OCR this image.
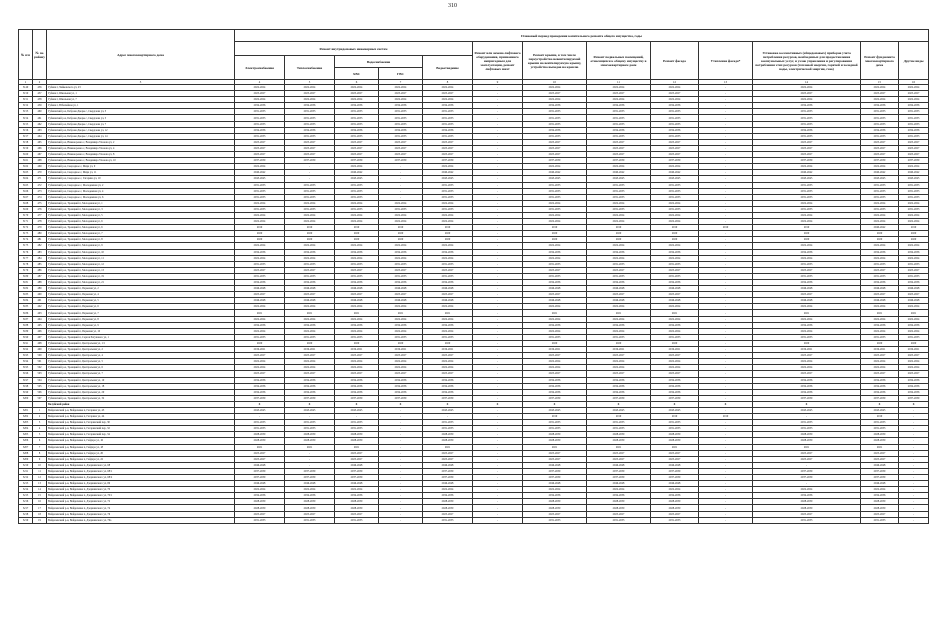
310
№ п/п	№ по району	Адрес многоквартирного дома	Плановый период проведения капитального ремонта общего имущества, годы												
			Ремонт внутридомовых инженерных систем					Ремонт или замена лифтового оборудования, признанного непригодным для эксплуатации, ремонт лифтовых шахт	Ремонт крыши, в том числе переустройство невентилируемой крыши на вентилируемую крышу, устройство выходов на кровлю	Ремонт подвальных помещений, относящихся к общему имуществу в многоквартирном доме	Ремонт фасада	Утепление фасада*	Установка коллективных (общедомовых) приборов учета потребления ресурсов, необходимых для предоставления коммунальных услуг, и узлов управления и регулирования потребления этих ресурсов (тепловой энергии, горячей и холодной воды, электрической энергии, газа)	Ремонт фундамента многоквартирного дома	Другие виды
			Электроснабжение	Теплоснабжение	Водоснабжение		Водоотведение								
					ХВС	ГВС									
1	2	3	4	5	6	7	8	9	10	11	12	13	14	15	16
3149	456	Губкин г, Чайковского ул, 23	2022-2024	2022-2024	2022-2024	2022-2024	2022-2024	-	2022-2024	2022-2024	2022-2024	-	2022-2024	2022-2024	2022-2024
3150	457	Губкин г, Школьная ул, 1	2025-2027	2025-2027	2025-2027	2025-2027	2025-2027	-	2025-2027	2025-2027	2025-2027	-	2025-2027	2025-2027	2025-2027
3151	458	Губкин г, Школьная ул, 7	2022-2024	2022-2024	2022-2024	2022-2024	2022-2024	-	2022-2024	2022-2024	2022-2024	-	2022-2024	2022-2024	2022-2024
3152	459	Губкин г, Юбилейная ул, 1	2034-2036	2034-2036	2034-2036	2034-2036	2034-2036	-	2034-2036	2034-2036	2034-2036	-	2034-2036	2034-2036	2034-2036
3153	460	Губкинский р-н, Боброва Дворы с, Свердлова ул, 3	2031-2033	2031-2033	2031-2033	2031-2033	2031-2033	-	2031-2033	2031-2033	2031-2033	-	2031-2033	2031-2033	2031-2033
3154	461	Губкинский р-н, Боброва Дворы с, Свердлова ул, 5	2031-2033	2031-2033	2031-2033	2031-2033	2031-2033	-	2031-2033	2031-2033	2031-2033	-	2031-2033	2031-2033	2031-2033
3155	462	Губкинский р-н, Боброва Дворы с, Свердлова ул, 7	2031-2033	2031-2033	2031-2033	2031-2033	2031-2033	-	2031-2033	2031-2033	2031-2033	-	2031-2033	2031-2033	2031-2033
3156	463	Губкинский р-н, Боброва Дворы с, Свердлова ул, 12	2034-2036	2034-2036	2034-2036	2034-2036	2034-2036	-	2034-2036	2034-2036	2034-2036	-	2034-2036	2034-2036	2034-2036
3157	464	Губкинский р-н, Боброва Дворы с, Свердлова ул, 14	2031-2033	2031-2033	2031-2033	2031-2033	2031-2033	-	2031-2033	2031-2033	2031-2033	-	2031-2033	2031-2033	2031-2033
3158	465	Губкинский р-н, Никаноровка с, Владимира Ухолова ул, 2	2025-2027	2025-2027	2025-2027	2025-2027	2025-2027	-	2025-2027	2025-2027	2025-2027	-	2025-2027	2025-2027	2025-2027
3159	466	Губкинский р-н, Никаноровка с, Владимира Ухолова ул, 4	2025-2027	2025-2027	2025-2027	2025-2027	2025-2027	-	2025-2027	2025-2027	2025-2027	-	2025-2027	2025-2027	2025-2027
3160	467	Губкинский р-н, Никаноровка с, Владимира Ухолова ул, 8	2025-2027	2025-2027	2025-2027	2025-2027	2025-2027	-	2025-2027	2025-2027	2025-2027	-	2025-2027	2025-2027	2025-2027
3161	468	Губкинский р-н, Никаноровка с, Владимира Ухолова ул, 10	2037-2039	2037-2039	2037-2039	2037-2039	2037-2039	-	2037-2039	2037-2039	2037-2039	-	2037-2039	2037-2039	2037-2039
3162	469	Губкинский р-н, Скородное с, Мира ул, 9	2022-2024	-	2022-2024	-	2022-2024	-	2022-2024	2022-2024	2022-2024	-	2022-2024	2022-2024	2022-2024
3163	470	Губкинский р-н, Скородное с, Мира ул, 11	2040-2042	-	2040-2042	-	2040-2042	-	2040-2042	2040-2042	2040-2042	-	2040-2042	2040-2042	2040-2042
3164	471	Губкинский р-н, Скородное с, Гагарина ул, 10	2043-2045	-	2043-2045	-	2043-2045	-	2043-2045	2043-2045	2043-2045	-	2043-2045	2043-2045	2043-2045
3165	472	Губкинский р-н, Скородное с, Молодежная ул, 2	2031-2033	2031-2033	2031-2033	-	2031-2033	-	2031-2033	2031-2033	2031-2033	-	2031-2033	2031-2033	2031-2033
3166	473	Губкинский р-н, Скородное с, Молодежная ул, 4	2031-2033	2031-2033	2031-2033	-	2031-2033	-	2031-2033	2031-2033	2031-2033	-	2031-2033	2031-2033	2031-2033
3167	474	Губкинский р-н, Скородное с, Молодежная ул, 6	2031-2033	2031-2033	2031-2033	-	2031-2033	-	2031-2033	2031-2033	2031-2033	-	2031-2033	2031-2033	2031-2033
3168	475	Губкинский р-н, Троицкий п, Молодежная ул, 1	2022-2024	2022-2024	2022-2024	2022-2024	2022-2024	-	2022-2024	2022-2024	2022-2024	-	2022-2024	2022-2024	2022-2024
3169	476	Губкинский р-н, Троицкий п, Молодежная ул, 3	2031-2033	2031-2033	2031-2033	2031-2033	2031-2033	-	2031-2033	2031-2033	2031-2033	-	2031-2033	2031-2033	2031-2033
3170	477	Губкинский р-н, Троицкий п, Молодежная ул, 5	2022-2024	2022-2024	2022-2024	2022-2024	2022-2024	-	2022-2024	2022-2024	2022-2024	-	2022-2024	2022-2024	2022-2024
3171	478	Губкинский р-н, Троицкий п, Молодежная ул, 6	2022-2024	2022-2024	2022-2024	2022-2024	2022-2024	-	2022-2024	2022-2024	2022-2024	-	2022-2024	2022-2024	2022-2024
3172	479	Губкинский р-н, Троицкий п, Молодежная ул, 6	2019	2019	2019	2019	2019	-	2019	2019	2019	2019	2019	2040-2042	2019
3173	480	Губкинский р-н, Троицкий п, Молодежная ул, 7	2020	2020	2020	2020	2020	-	2020	2020	2020	-	2020	2020	2020
3174	481	Губкинский р-н, Троицкий п, Молодежная ул, 8	2020	2020	2020	2020	2020	-	2020	2020	2020	-	2020	2020	2020
3175	482	Губкинский р-н, Троицкий п, Молодежная ул, 9	2022-2024	2022-2024	2022-2024	2022-2024	2022-2024	-	2022-2024	2022-2024	2022-2024	-	2022-2024	2022-2024	2022-2024
3176	483	Губкинский р-н, Троицкий п, Молодежная ул, 10	2034-2036	2034-2036	2034-2036	2034-2036	2034-2036	-	2034-2036	2034-2036	2034-2036	-	2034-2036	2034-2036	2034-2036
3177	484	Губкинский р-н, Троицкий п, Молодежная ул, 11	2022-2024	2022-2024	2022-2024	2022-2024	2022-2024	-	2022-2024	2022-2024	2022-2024	-	2022-2024	2022-2024	2022-2024
3178	485	Губкинский р-н, Троицкий п, Молодежная ул, 12	2031-2033	2031-2033	2031-2033	2031-2033	2031-2033	-	2031-2033	2031-2033	2031-2033	-	2031-2033	2031-2033	2031-2033
3179	486	Губкинский р-н, Троицкий п, Молодежная ул, 13	2025-2027	2025-2027	2025-2027	2025-2027	2025-2027	-	2025-2027	2025-2027	2025-2027	-	2025-2027	2025-2027	2025-2027
3180	487	Губкинский р-н, Троицкий п, Молодежная ул, 19	2031-2033	2031-2033	2031-2033	2031-2033	2031-2033	-	2031-2033	2031-2033	2031-2033	-	2031-2033	2031-2033	2031-2033
3181	488	Губкинский р-н, Троицкий п, Молодежная ул, 21	2034-2036	2034-2036	2034-2036	2034-2036	2034-2036	-	2034-2036	2034-2036	2034-2036	-	2034-2036	2034-2036	2034-2036
3182	489	Губкинский р-н, Троицкий п, Парковая ул, 2	2046-2048	2046-2048	2046-2048	2046-2048	2046-2048	-	2046-2048	2046-2048	2046-2048	-	2046-2048	2046-2048	2046-2048
3183	490	Губкинский р-н, Троицкий п, Парковая ул, 4	2025-2027	2025-2027	2025-2027	2025-2027	2025-2027	-	2025-2027	2025-2027	2025-2027	-	2025-2027	2025-2027	2025-2027
3184	491	Губкинский р-н, Троицкий п, Парковая ул, 5	2046-2048	2046-2048	2046-2048	2046-2048	2046-2048	-	2046-2048	2046-2048	2046-2048	-	2046-2048	2046-2048	2046-2048
3185	492	Губкинский р-н, Троицкий п, Парковая ул, 6	2022-2024	2022-2024	2022-2024	2022-2024	2022-2024	-	2022-2024	2022-2024	2022-2024	-	2022-2024	2022-2024	2022-2024
3186	493	Губкинский р-н, Троицкий п, Парковая ул, 7	2021	2021	2021	2021	2021	-	2021	2021	2021	-	2021	2021	2021
3187	494	Губкинский р-н, Троицкий п, Парковая ул, 8	2022-2024	2022-2024	2022-2024	2022-2024	2022-2024	-	2022-2024	2022-2024	2022-2024	-	2022-2024	2022-2024	2022-2024
3188	495	Губкинский р-н, Троицкий п, Парковая ул, 9	2034-2036	2034-2036	2034-2036	2034-2036	2034-2036	-	2034-2036	2034-2036	2034-2036	-	2034-2036	2034-2036	2034-2036
3189	496	Губкинский р-н, Троицкий п, Парковая ул, 10	2022-2024	2022-2024	2022-2024	2022-2024	2022-2024	-	2022-2024	2022-2024	2022-2024	-	2022-2024	2022-2024	2022-2024
3190	497	Губкинский р-н, Троицкий п, Сергея Ратушного ул, 1	2031-2033	2031-2033	2031-2033	2031-2033	2031-2033	-	2031-2033	2031-2033	2031-2033	-	2031-2033	2031-2033	2031-2033
3191	498	Губкинский р-н, Троицкий п, Центральная ул, 1/1	2020	2020	2020	2020	2020	-	2020	2020	2020	-	2020	2020	2020
3192	499	Губкинский р-н, Троицкий п, Центральная ул, 2	2019-2021	2019-2021	2019-2021	2019-2021	2019-2021	-	2019-2021	2019-2021	2019-2021	-	2019-2021	2019-2021	2019-2021
3193	500	Губкинский р-н, Троицкий п, Центральная ул, 4	2025-2027	2025-2027	2025-2027	2025-2027	2025-2027	-	2025-2027	2025-2027	2025-2027	-	2025-2027	2025-2027	2025-2027
3194	501	Губкинский р-н, Троицкий п, Центральная ул, 5	2022-2024	2022-2024	2022-2024	2022-2024	2022-2024	-	2022-2024	2022-2024	2022-2024	-	2022-2024	2022-2024	2022-2024
3195	502	Губкинский р-н, Троицкий п, Центральная ул, 6	2022-2024	2022-2024	2022-2024	2022-2024	2022-2024	-	2022-2024	2022-2024	2022-2024	-	2022-2024	2022-2024	2022-2024
3196	503	Губкинский р-н, Троицкий п, Центральная ул, 7	2025-2027	2025-2027	2025-2027	2025-2027	2025-2027	-	2025-2027	2025-2027	2025-2027	-	2025-2027	2025-2027	2025-2027
3197	504	Губкинский р-н, Троицкий п, Центральная ул, 10	2034-2036	2034-2036	2034-2036	2034-2036	2034-2036	-	2034-2036	2034-2036	2034-2036	-	2034-2036	2034-2036	2034-2036
3198	505	Губкинский р-н, Троицкий п, Центральная ул, 18	2034-2036	2034-2036	2034-2036	2034-2036	2034-2036	-	2034-2036	2034-2036	2034-2036	-	2034-2036	2034-2036	2034-2036
3199	506	Губкинский р-н, Троицкий п, Центральная ул, 20	2034-2036	2034-2036	2034-2036	2034-2036	2034-2036	-	2034-2036	2034-2036	2034-2036	-	2034-2036	2034-2036	2034-2036
3200	507	Губкинский р-н, Троицкий п, Центральная ул, 32	2037-2039	2037-2039	2037-2039	2037-2039	2037-2039	-	2037-2039	2037-2039	2037-2039	-	2037-2039	2037-2039	2037-2039
		Валуйский район	X	X	X	X	X	X	X	X	X	X	X	X	X
3201	1	Вейделевский р-н, Вейделевка п, Гагарина ул, 43	2043-2045	2043-2045	2043-2045	-	2043-2045	-	2043-2045	2043-2045	2043-2045	-	2043-2045	2043-2045	-
3202	2	Вейделевский р-н, Вейделевка п, Гагарина ул, 44	-	-	-	-	-	-	2019	2019	2019	2019	-	2019	-
3203	3	Вейделевский р-н, Вейделевка п, Гагаринский пер, 30	2031-2033	2031-2033	2031-2033	-	2031-2033	-	2031-2033	2031-2033	2031-2033	-	2031-2033	2031-2033	-
3204	4	Вейделевский р-н, Вейделевка п, Гагаринский пер, 32	2031-2033	2031-2033	2031-2033	-	2031-2033	-	2031-2033	2031-2033	2031-2033	-	2031-2033	2031-2033	-
3205	5	Вейделевский р-н, Вейделевка п, Гагаринский пер, 34	2028-2030	2028-2030	2028-2030	-	2028-2030	-	2028-2030	2028-2030	2028-2030	-	2028-2030	2028-2030	-
3206	6	Вейделевский р-н, Вейделевка п, Гайдара ул, 16	2028-2030	2028-2030	2028-2030	-	2028-2030	-	2028-2030	2028-2030	2028-2030	-	2028-2030	2028-2030	-
3207	7	Вейделевский р-н, Вейделевка п, Гайдара ул, 18	2021	2021	2021	-	2021	-	2021	2021	2021	-	2021	2021	-
3208	8	Вейделевский р-н, Вейделевка п, Гайдара ул, 20	2025-2027	-	2025-2027	-	2025-2027	-	2025-2027	2025-2027	2025-2027	-	2025-2027	2025-2027	-
3209	9	Вейделевский р-н, Вейделевка п, Гайдара ул, 22	2025-2027	-	2025-2027	-	2025-2027	-	2025-2027	2025-2027	2025-2027	-	2025-2027	2025-2027	-
3210	10	Вейделевский р-н, Вейделевка п, Дзержинского ул, 68	2046-2048	-	2046-2048	-	2046-2048	-	2046-2048	2046-2048	2046-2048	-	-	2046-2048	-
3211	11	Вейделевский р-н, Вейделевка п, Дзержинского ул, 68/1	2037-2039	2037-2039	2037-2039	-	2037-2039	-	2037-2039	2037-2039	2037-2039	-	2037-2039	2037-2039	-
3212	12	Вейделевский р-н, Вейделевка п, Дзержинского ул, 68/2	2037-2039	2037-2039	2037-2039	-	2037-2039	-	2037-2039	2037-2039	2037-2039	-	2037-2039	2037-2039	-
3213	13	Вейделевский р-н, Вейделевка п, Дзержинского ул, 69	2046-2048	2046-2048	2046-2048	-	2046-2048	-	2046-2048	2046-2048	2046-2048	-	-	2046-2048	-
3214	14	Вейделевский р-н, Вейделевка п, Дзержинского ул, 70	2022-2024	2022-2024	2022-2024	-	2022-2024	-	2022-2024	2022-2024	2022-2024	-	2022-2024	2022-2024	-
3215	15	Вейделевский р-н, Вейделевка п, Дзержинского ул, 70/1	2034-2036	2034-2036	2034-2036	-	2034-2036	-	2034-2036	2034-2036	2034-2036	-	2034-2036	2034-2036	-
3216	16	Вейделевский р-н, Вейделевка п, Дзержинского ул, 72	2028-2030	2028-2030	2028-2030	-	2028-2030	-	2028-2030	2028-2030	2028-2030	-	2028-2030	2028-2030	-
3217	17	Вейделевский р-н, Вейделевка п, Дзержинского ул, 74	2028-2030	2028-2030	2028-2030	-	2028-2030	-	2028-2030	2028-2030	2028-2030	-	2028-2030	2028-2030	-
3218	18	Вейделевский р-н, Вейделевка п, Дзержинского ул, 76	2025-2027	2025-2027	2025-2027	-	2025-2027	-	2025-2027	2025-2027	2025-2027	-	2025-2027	2025-2027	-
3219	19	Вейделевский р-н, Вейделевка п, Дзержинского ул, 76а	2031-2033	2031-2033	2031-2033	-	2031-2033	-	2031-2033	2031-2033	2031-2033	-	2031-2033	2031-2033	-
